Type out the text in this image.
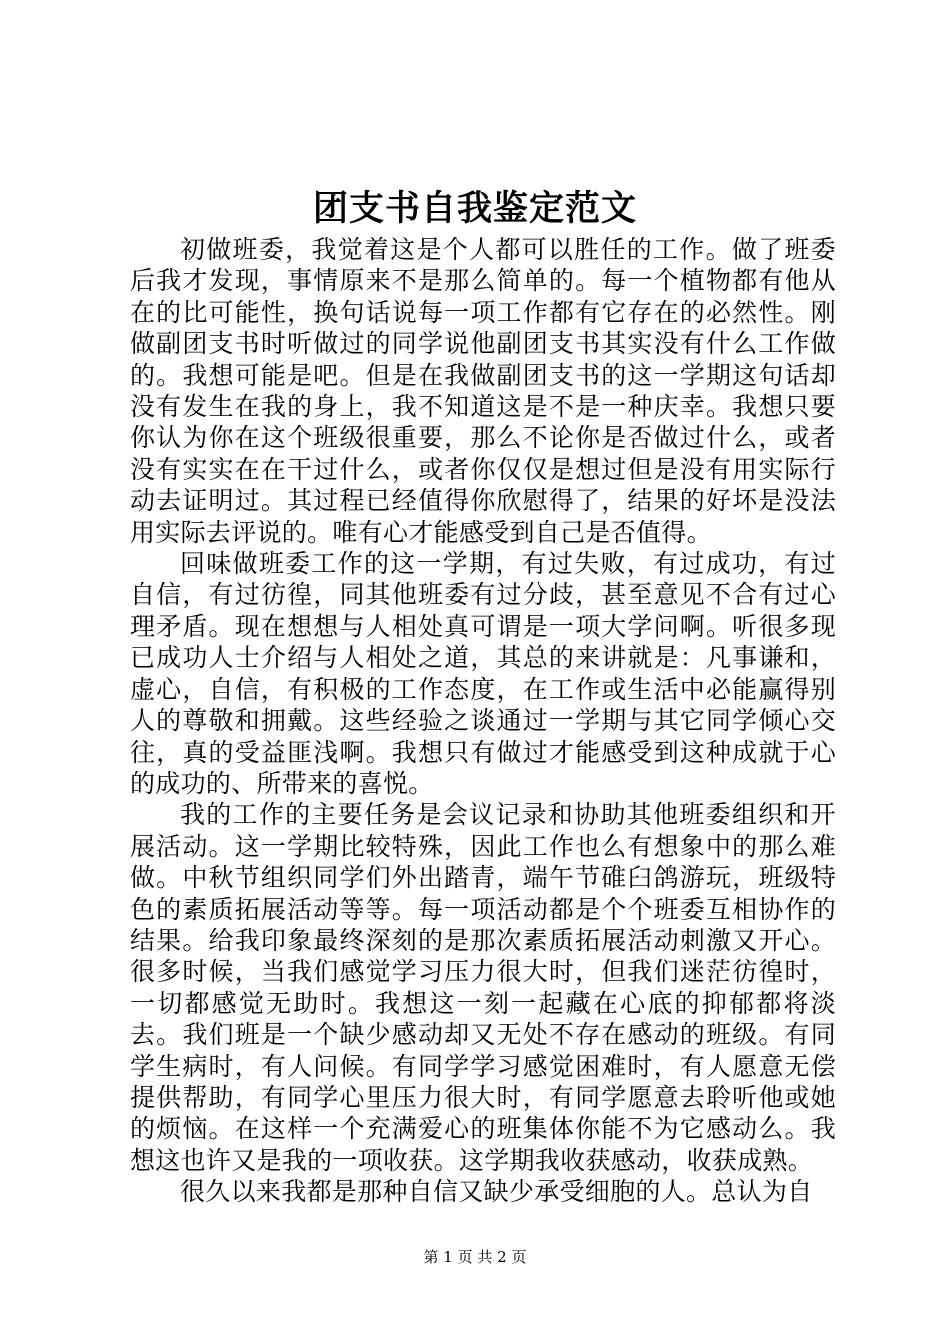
团支书自我鉴定范文

初做班委，我觉着这是个人都可以胜任的工作。做了班委后我才发现，事情原来不是那么简单的。每一个植物都有他从在的比可能性，换句话说每一项工作都有它存在的必然性。刚做副团支书时听做过的同学说他副团支书其实没有什么工作做的。我想可能是吧。但是在我做副团支书的这一学期这句话却没有发生在我的身上，我不知道这是不是一种庆幸。我想只要你认为你在这个班级很重要，那么不论你是否做过什么，或者没有实实在在干过什么，或者你仅仅是想过但是没有用实际行动去证明过。其过程已经值得你欣慰得了，结果的好坏是没法用实际去评说的。唯有心才能感受到自己是否值得。

回味做班委工作的这一学期，有过失败，有过成功，有过自信，有过彷徨，同其他班委有过分歧，甚至意见不合有过心理矛盾。现在想想与人相处真可谓是一项大学问啊。听很多现已成功人士介绍与人相处之道，其总的来讲就是：凡事谦和，虚心，自信，有积极的工作态度，在工作或生活中必能赢得别人的尊敬和拥戴。这些经验之谈通过一学期与其它同学倾心交往，真的受益匪浅啊。我想只有做过才能感受到这种成就于心的成功的、所带来的喜悦。

我的工作的主要任务是会议记录和协助其他班委组织和开展活动。这一学期比较特殊，因此工作也么有想象中的那么难做。中秋节组织同学们外出踏青，端午节碓臼鸽游玩，班级特色的素质拓展活动等等。每一项活动都是个个班委互相协作的结果。给我印象最终深刻的是那次素质拓展活动刺激又开心。很多时候，当我们感觉学习压力很大时，但我们迷茫彷徨时，一切都感觉无助时。我想这一刻一起藏在心底的抑郁都将淡去。我们班是一个缺少感动却又无处不存在感动的班级。有同学生病时，有人问候。有同学学习感觉困难时，有人愿意无偿提供帮助，有同学心里压力很大时，有同学愿意去聆听他或她的烦恼。在这样一个充满爱心的班集体你能不为它感动么。我想这也许又是我的一项收获。这学期我收获感动，收获成熟。

很久以来我都是那种自信又缺少承受细胞的人。总认为自

第 1 页 共 2 页
